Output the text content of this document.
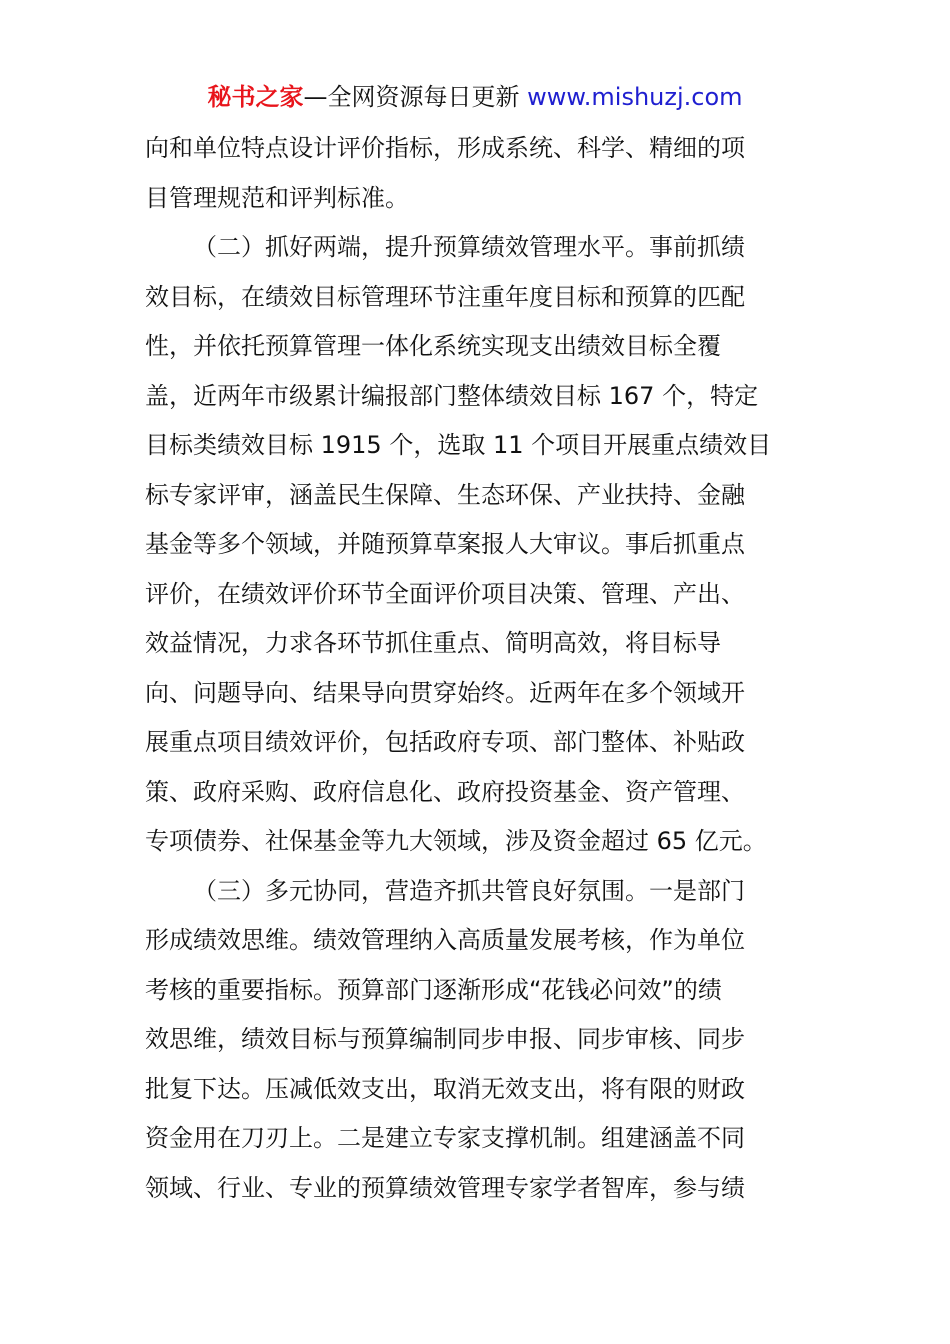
秘书之家—全网资源每日更新 www.mishuzj.com
向和单位特点设计评价指标，形成系统、科学、精细的项
目管理规范和评判标准。
（二）抓好两端，提升预算绩效管理水平。事前抓绩
效目标，在绩效目标管理环节注重年度目标和预算的匹配
性，并依托预算管理一体化系统实现支出绩效目标全覆
盖，近两年市级累计编报部门整体绩效目标 167 个，特定
目标类绩效目标 1915 个，选取 11 个项目开展重点绩效目
标专家评审，涵盖民生保障、生态环保、产业扶持、金融
基金等多个领域，并随预算草案报人大审议。事后抓重点
评价，在绩效评价环节全面评价项目决策、管理、产出、
效益情况，力求各环节抓住重点、简明高效，将目标导
向、问题导向、结果导向贯穿始终。近两年在多个领域开
展重点项目绩效评价，包括政府专项、部门整体、补贴政
策、政府采购、政府信息化、政府投资基金、资产管理、
专项债券、社保基金等九大领域，涉及资金超过 65 亿元。
（三）多元协同，营造齐抓共管良好氛围。一是部门
形成绩效思维。绩效管理纳入高质量发展考核，作为单位
考核的重要指标。预算部门逐渐形成“花钱必问效”的绩
效思维，绩效目标与预算编制同步申报、同步审核、同步
批复下达。压减低效支出，取消无效支出，将有限的财政
资金用在刀刃上。二是建立专家支撑机制。组建涵盖不同
领域、行业、专业的预算绩效管理专家学者智库，参与绩
